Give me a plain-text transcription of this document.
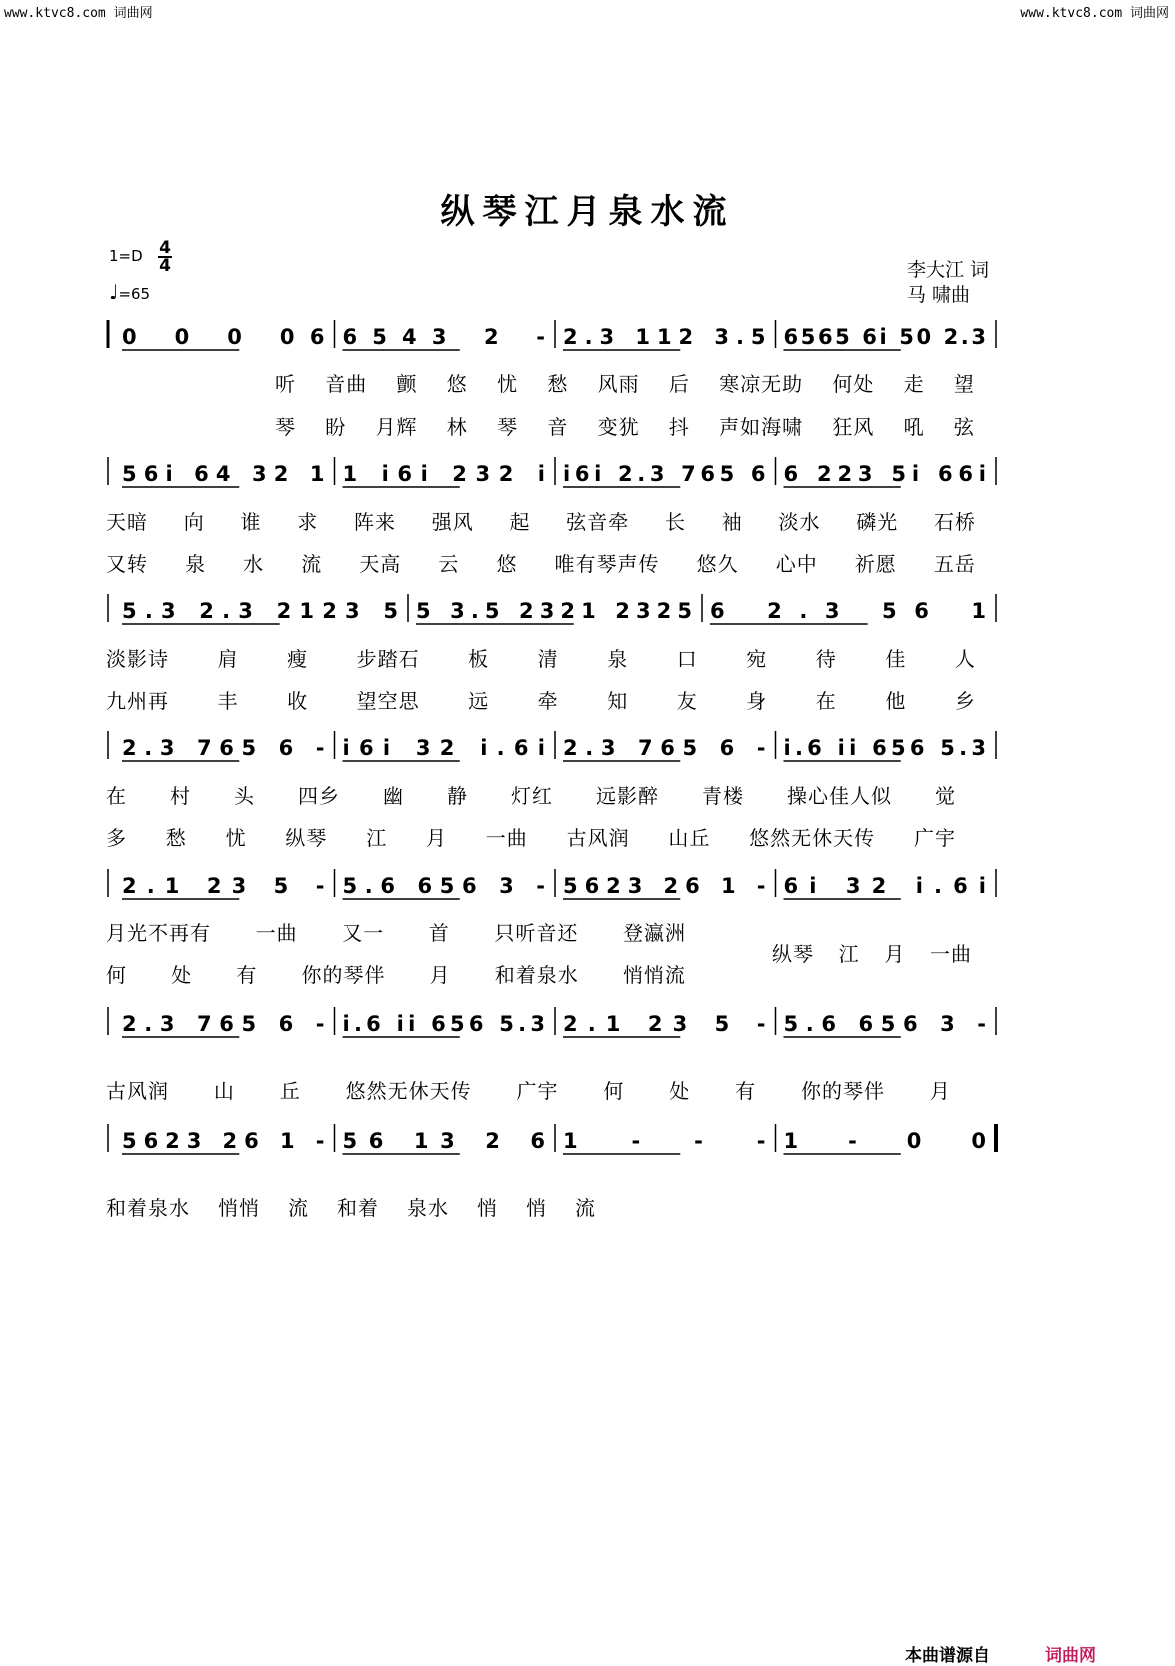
www.ktvc8.com 词曲网	www.ktvc8.com 词曲网
纵琴江月泉水流
1=D 4
4
♩=65
李大江 词
马 啸曲
0 0 0 06 6543 2 - 2.3 112 3.5 6565 6i 50 2.3
56i 64 32 1 1 i6i 232 i i6i 2.3 765 6 6 223 5i 66i
5.3 2.3 2123 5 5 3.5 2321 2325 6 2.3 56 1
2.3 765 6 - i6i 32 i.6i 2.3 765 6 - i.6 ii 656 5.3
2.1 23 5 - 5.6 656 3 - 5623 26 1 - 6i 32 i.6i
2.3 765 6 - i.6 ii 656 5.3 2.1 23 5 - 5.6 656 3 -
5623 26 1 - 56 13 2 6 1 - - - 1 - 0 0
听 音曲 颤 悠 忧 愁 风雨 后 寒凉无助 何处 走 望
琴 盼 月辉 林 琴 音 变犹 抖 声如海啸 狂风 吼 弦
天暗 向 谁 求 阵来 强风 起 弦音牵 长 袖 淡水 磷光 石桥
又转 泉 水 流 天高 云 悠 唯有琴声传 悠久 心中 祈愿 五岳
淡影诗 肩 瘦 步踏石 板 清 泉 口 宛 待 佳 人
九州再 丰 收 望空思 远 牵 知 友 身 在 他 乡
在 村 头 四乡 幽 静 灯红 远影醉 青楼 操心佳人似 觉
多 愁 忧 纵琴 江 月 一曲 古风润 山丘 悠然无休天传 广宇
月光不再有 一曲 又一 首 只听音还 登瀛洲
何 处 有 你的琴伴 月 和着泉水 悄悄流
纵琴 江 月 一曲
古风润 山 丘 悠然无休天传 广宇 何 处 有 你的琴伴 月
和着泉水 悄悄 流 和着 泉水 悄 悄 流
本曲谱源自	词曲网
